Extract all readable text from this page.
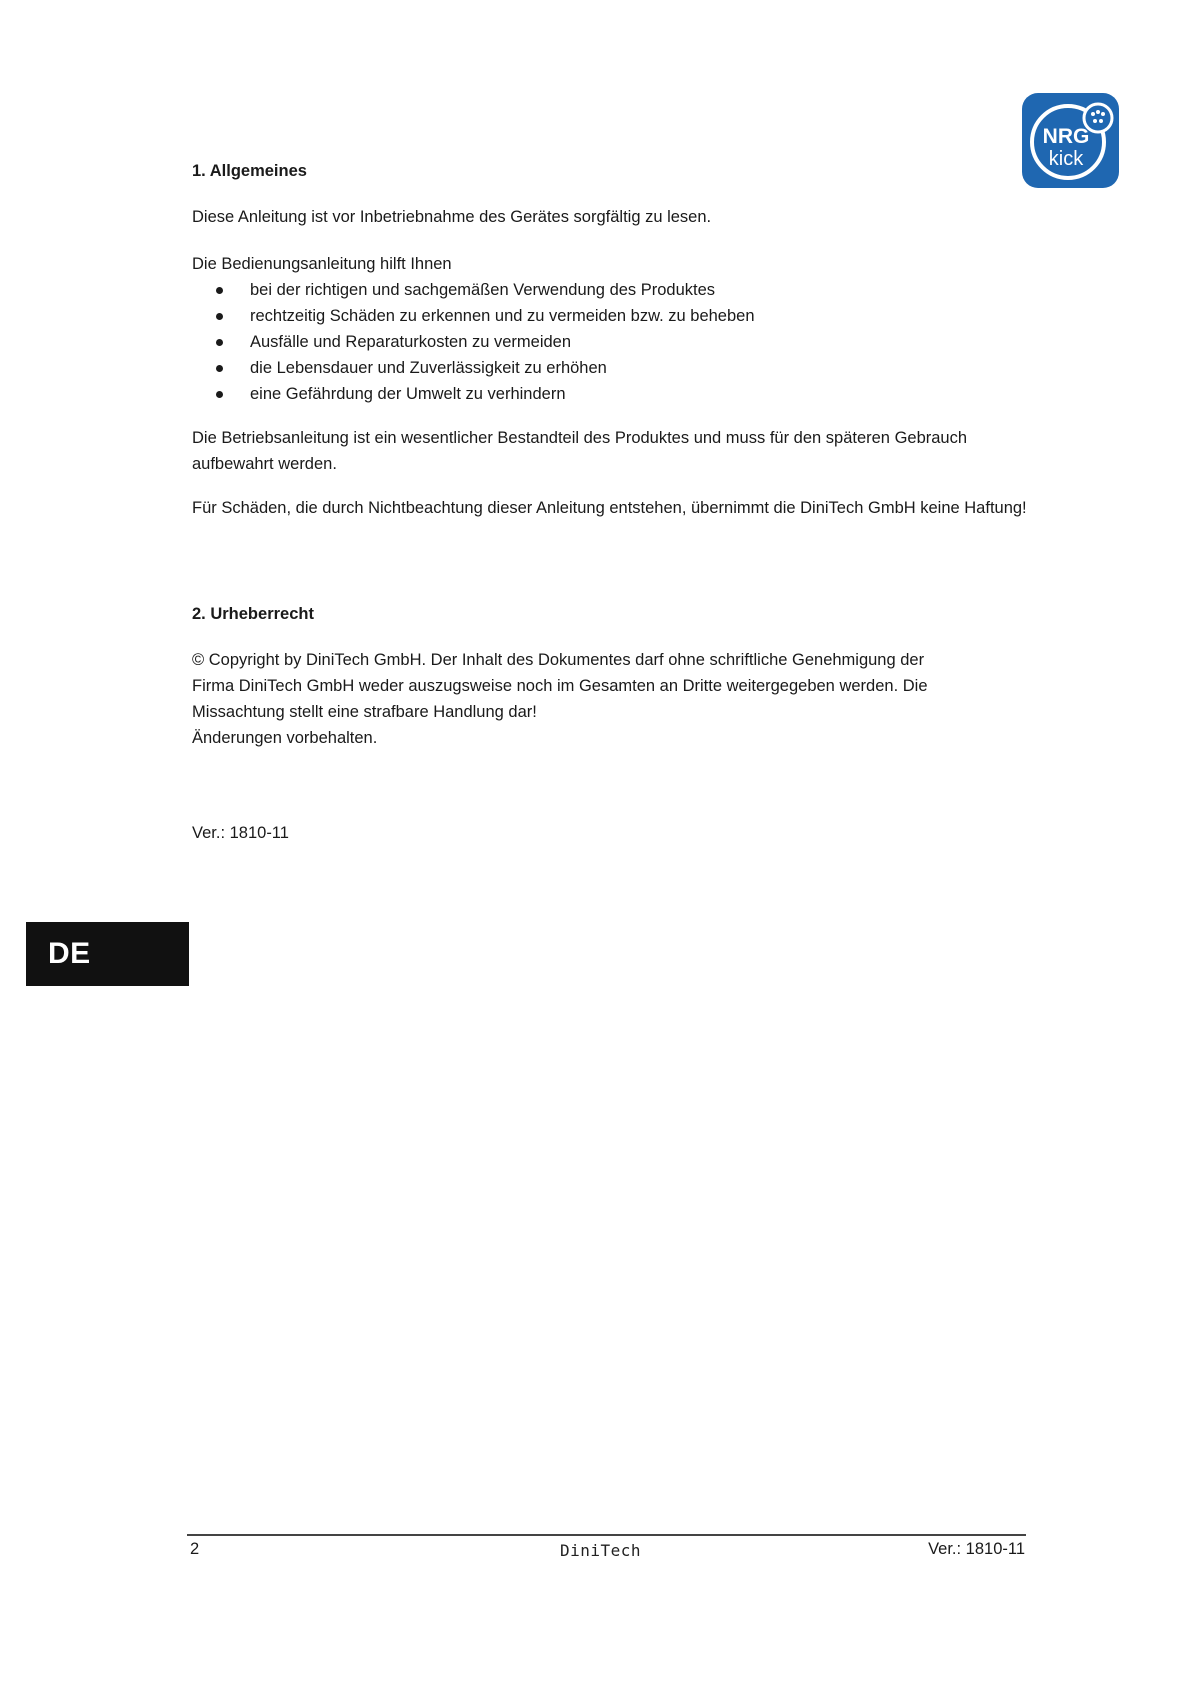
NRG
kick
1. Allgemeines

Diese Anleitung ist vor Inbetriebnahme des Gerätes sorgfältig zu lesen.

Die Bedienungsanleitung hilft Ihnen

bei der richtigen und sachgemäßen Verwendung des Produktes
rechtzeitig Schäden zu erkennen und zu vermeiden bzw. zu beheben
Ausfälle und Reparaturkosten zu vermeiden
die Lebensdauer und Zuverlässigkeit zu erhöhen
eine Gefährdung der Umwelt zu verhindern

Die Betriebsanleitung ist ein wesentlicher Bestandteil des Produktes und muss für den späteren Gebrauch aufbewahrt werden.

Für Schäden, die durch Nichtbeachtung dieser Anleitung entstehen, übernimmt die DiniTech GmbH keine Haftung!

2. Urheberrecht

© Copyright by DiniTech GmbH. Der Inhalt des Dokumentes darf ohne schriftliche Genehmigung der

Firma DiniTech GmbH weder auszugsweise noch im Gesamten an Dritte weitergegeben werden. Die

Missachtung stellt eine strafbare Handlung dar!

Änderungen vorbehalten.

Ver.: 1810-11

DE
2	DiniTech	Ver.: 1810-11
